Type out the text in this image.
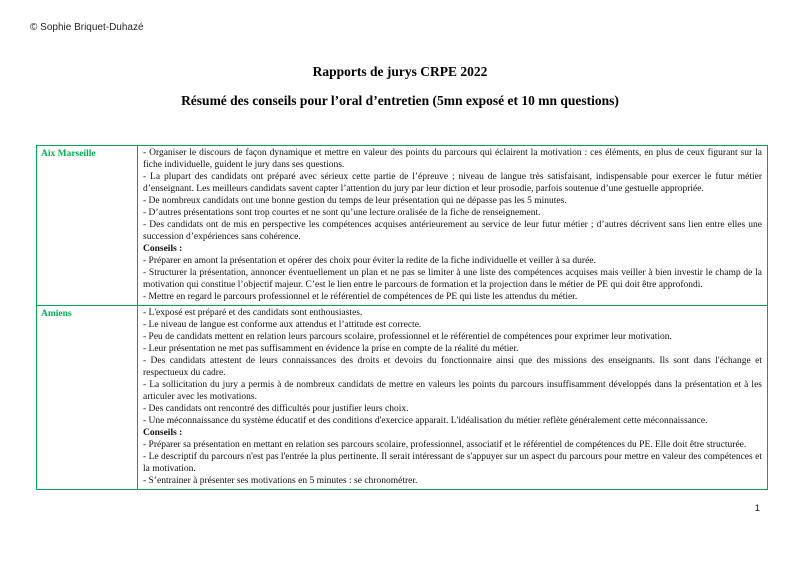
© Sophie Briquet-Duhazé
Rapports de jurys CRPE 2022
Résumé des conseils pour l’oral d’entretien (5mn exposé et 10 mn questions)
Aix Marseille	- Organiser le discours de façon dynamique et mettre en valeur des points du parcours qui éclairent la motivation : ces éléments, en plus de ceux figurant sur la fiche individuelle, guident le jury dans ses questions.
- La plupart des candidats ont préparé avec sérieux cette partie de l’épreuve ; niveau de langue très satisfaisant, indispensable pour exercer le futur métier d’enseignant. Les meilleurs candidats savent capter l’attention du jury par leur diction et leur prosodie, parfois soutenue d’une gestuelle appropriée.
- De nombreux candidats ont une bonne gestion du temps de leur présentation qui ne dépasse pas les 5 minutes.
- D’autres présentations sont trop courtes et ne sont qu’une lecture oralisée de la fiche de renseignement.
- Des candidats ont de mis en perspective les compétences acquises antérieurement au service de leur futur métier ; d’autres décrivent sans lien entre elles une succession d’expériences sans cohérence.
Conseils :
- Préparer en amont la présentation et opérer des choix pour éviter la redite de la fiche individuelle et veiller à sa durée.
- Structurer la présentation, annoncer éventuellement un plan et ne pas se limiter à une liste des compétences acquises mais veiller à bien investir le champ de la motivation qui constitue l’objectif majeur. C’est le lien entre le parcours de formation et la projection dans le métier de PE qui doit être approfondi.
- Mettre en regard le parcours professionnel et le référentiel de compétences de PE qui liste les attendus du métier.

Amiens	- L'exposé est préparé et des candidats sont enthousiastes.
- Le niveau de langue est conforme aux attendus et l’attitude est correcte.
- Peu de candidats mettent en relation leurs parcours scolaire, professionnel et le référentiel de compétences pour exprimer leur motivation.
- Leur présentation ne met pas suffisamment en évidence la prise en compte de la réalité du métier.
- Des candidats attestent de leurs connaissances des droits et devoirs du fonctionnaire ainsi que des missions des enseignants. Ils sont dans l'échange et respectueux du cadre.
- La sollicitation du jury a permis à de nombreux candidats de mettre en valeurs les points du parcours insuffisamment développés dans la présentation et à les articuler avec les motivations.
- Des candidats ont rencontré des difficultés pour justifier leurs choix.
- Une méconnaissance du système éducatif et des conditions d'exercice apparait. L'idéalisation du métier reflète généralement cette méconnaissance.
Conseils :
- Préparer sa présentation en mettant en relation ses parcours scolaire, professionnel, associatif et le référentiel de compétences du PE. Elle doit être structurée.
- Le descriptif du parcours n'est pas l'entrée la plus pertinente. Il serait intéressant de s'appuyer sur un aspect du parcours pour mettre en valeur des compétences et la motivation.
- S’entrainer à présenter ses motivations en 5 minutes : se chronométrer.
1
